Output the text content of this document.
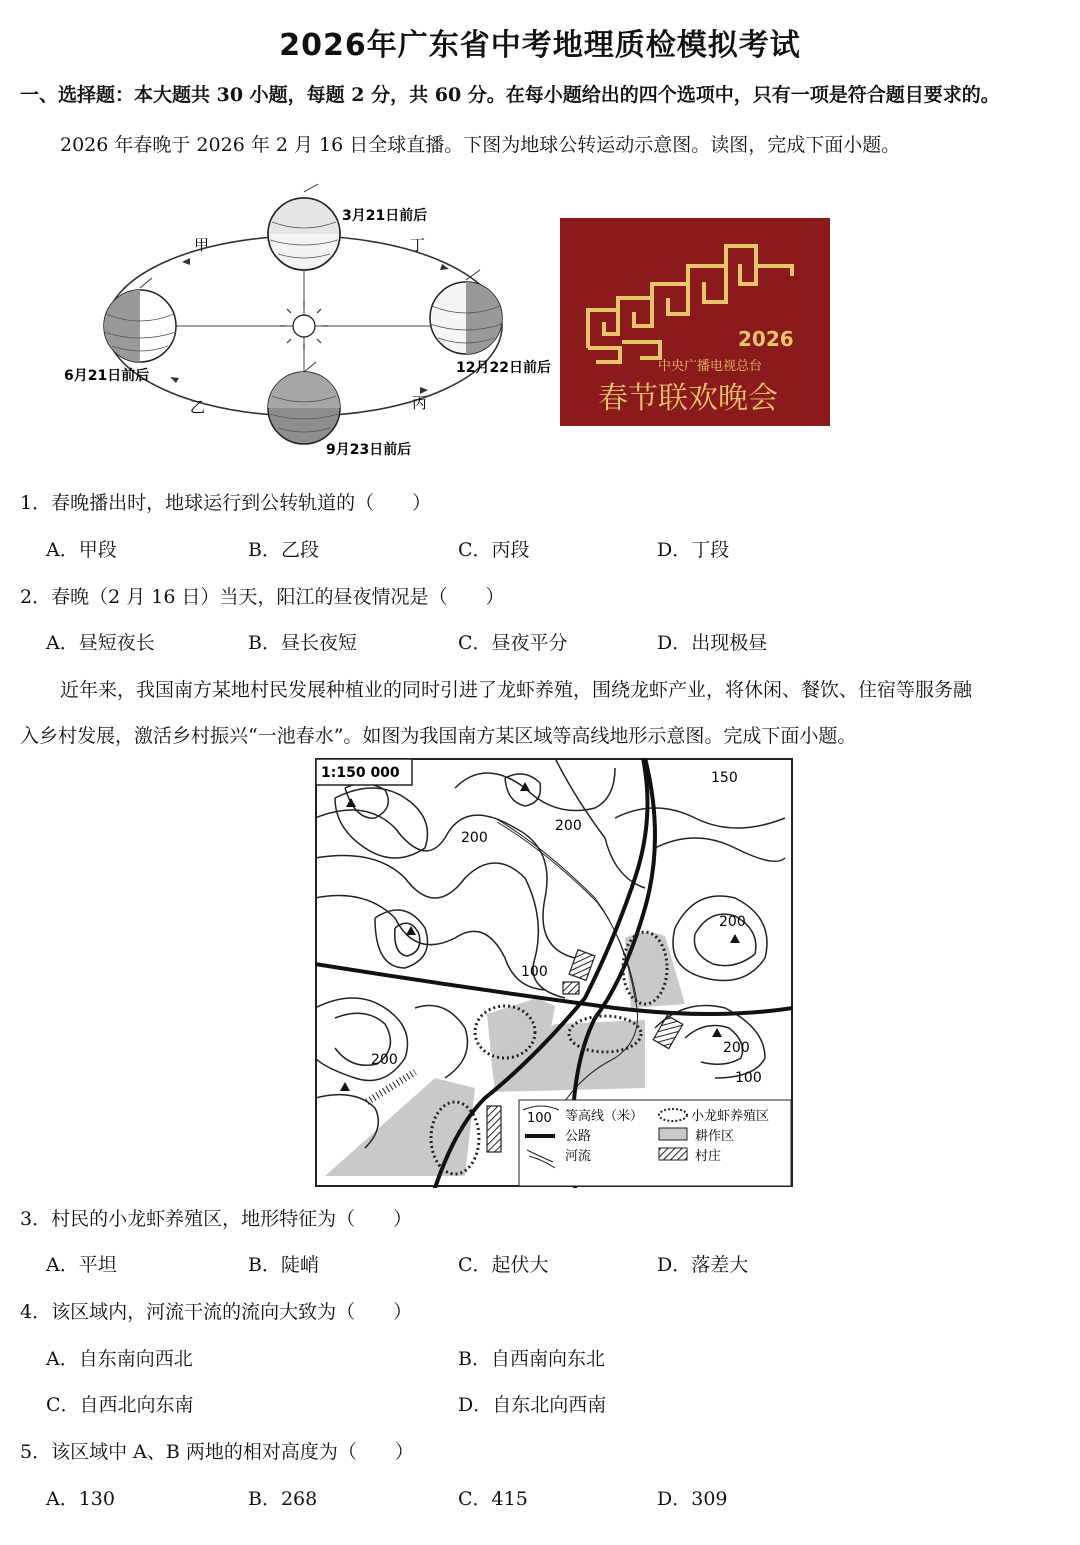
2026年广东省中考地理质检模拟考试
一、选择题：本大题共 30 小题，每题 2 分，共 60 分。在每小题给出的四个选项中，只有一项是符合题目要求的。
2026 年春晚于 2026 年 2 月 16 日全球直播。下图为地球公转运动示意图。读图，完成下面小题。
3月21日前后
6月21日前后	12月22日前后
9月23日前后
甲	丁
乙	丙
2026
中央广播电视总台
春节联欢晚会
1．春晚播出时，地球运行到公转轨道的（　　）
A．甲段	B．乙段	C．丙段	D．丁段
2．春晚（2 月 16 日）当天，阳江的昼夜情况是（　　）
A．昼短夜长	B．昼长夜短	C．昼夜平分	D．出现极昼
近年来，我国南方某地村民发展种植业的同时引进了龙虾养殖，围绕龙虾产业，将休闲、餐饮、住宿等服务融
入乡村发展，激活乡村振兴“一池春水”。如图为我国南方某区域等高线地形示意图。完成下面小题。
1:150 000	150
200
200
200
200
200
100
100
100 等高线（米）	小龙虾养殖区
公路	耕作区
河流	村庄
3．村民的小龙虾养殖区，地形特征为（　　）
A．平坦	B．陡峭	C．起伏大	D．落差大
4．该区域内，河流干流的流向大致为（　　）
A．自东南向西北	B．自西南向东北
C．自西北向东南	D．自东北向西南
5．该区域中 A、B 两地的相对高度为（　　）
A．130	B．268	C．415	D．309
